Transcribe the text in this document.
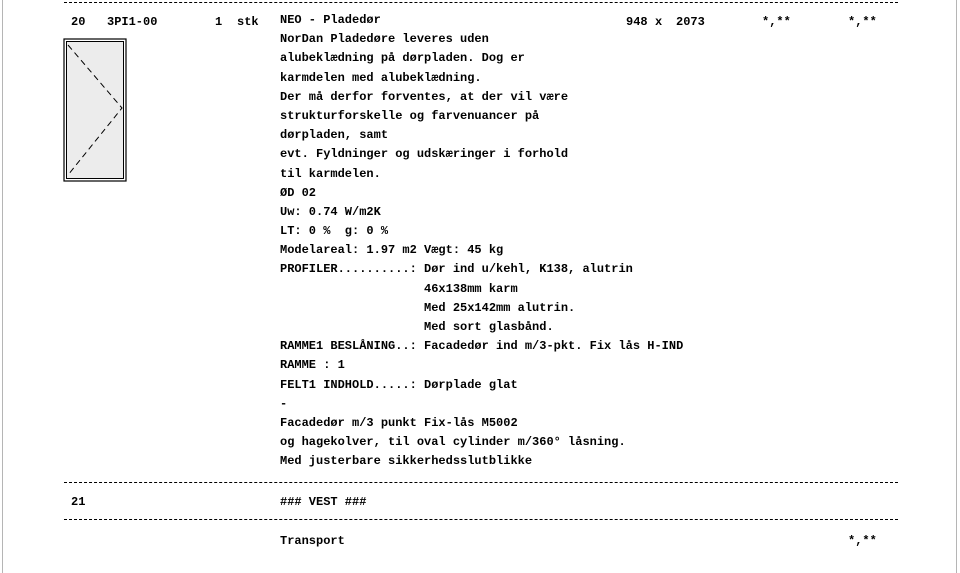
20 3PI1-00	1 stk	948 x 2073	*,**	*,**
NEO - Pladedør
NorDan Pladedøre leveres uden
alubeklædning på dørpladen. Dog er
karmdelen med alubeklædning.
Der må derfor forventes, at der vil være
strukturforskelle og farvenuancer på
dørpladen, samt
evt. Fyldninger og udskæringer i forhold
til karmdelen.
ØD 02
Uw: 0.74 W/m2K
LT: 0 %  g: 0 %
Modelareal: 1.97 m2 Vægt: 45 kg
PROFILER..........: Dør ind u/kehl, K138, alutrin
46x138mm karm
Med 25x142mm alutrin.
Med sort glasbånd.
RAMME1 BESLÅNING..: Facadedør ind m/3-pkt. Fix lås H-IND
RAMME : 1
FELT1 INDHOLD.....: Dørplade glat
-
Facadedør m/3 punkt Fix-lås M5002
og hagekolver, til oval cylinder m/360° låsning.
Med justerbare sikkerhedsslutblikke
21	### VEST ###
Transport	*,**
